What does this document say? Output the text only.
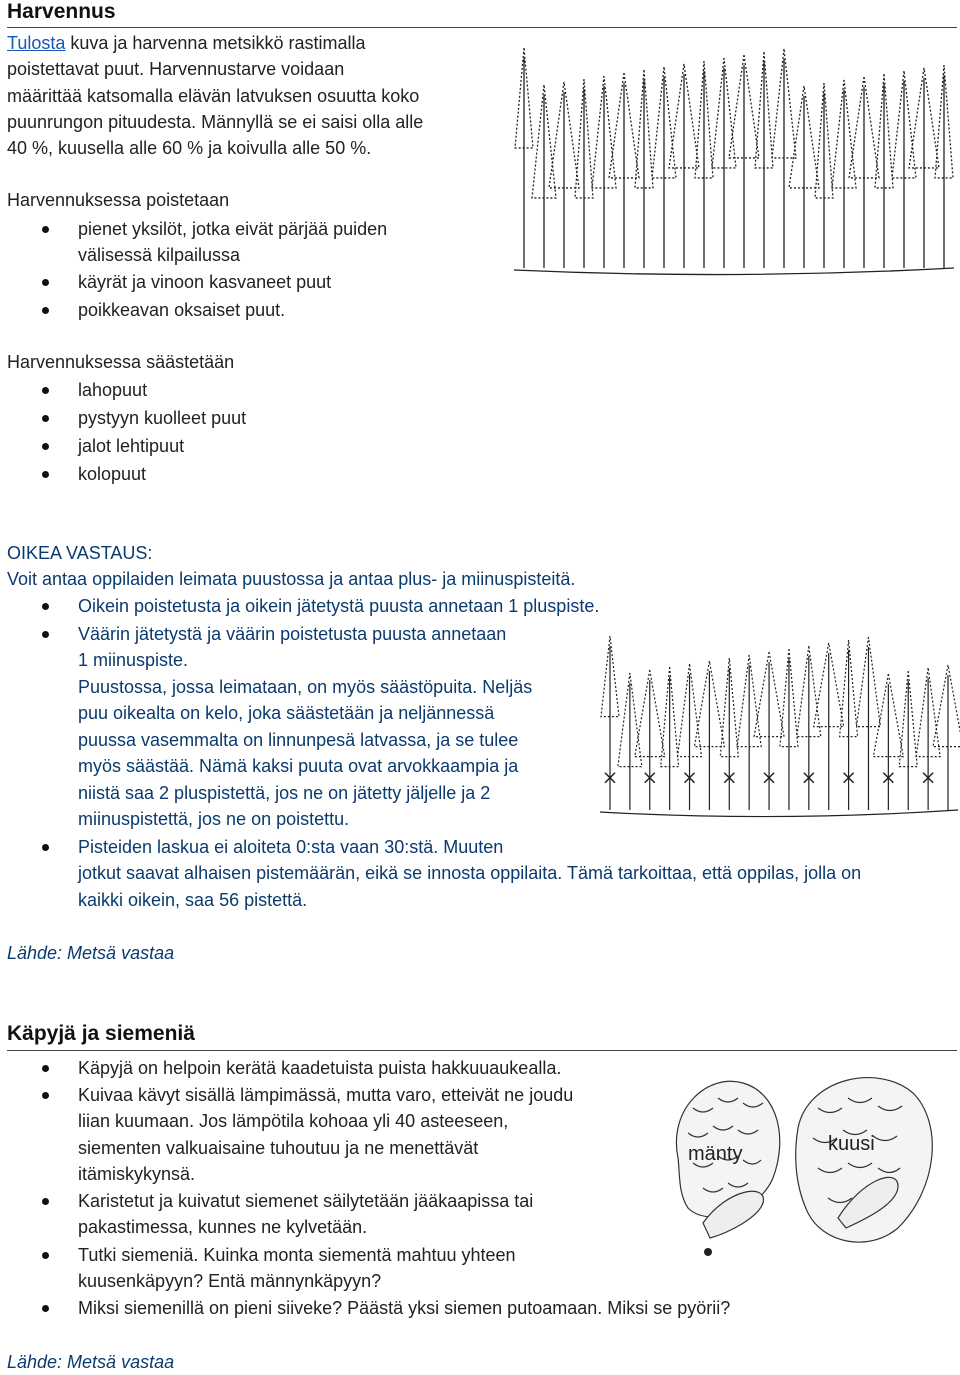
Harvennus
Tulosta kuva ja harvenna metsikkö rastimalla
poistettavat puut. Harvennustarve voidaan
määrittää katsomalla elävän latvuksen osuutta koko
puunrungon pituudesta. Männyllä se ei saisi olla alle
40 %, kuusella alle 60 % ja koivulla alle 50 %.
Harvennuksessa poistetaan
pienet yksilöt, jotka eivät pärjää puiden
välisessä kilpailussa
käyrät ja vinoon kasvaneet puut
poikkeavan oksaiset puut.
Harvennuksessa säästetään
lahopuut
pystyyn kuolleet puut
jalot lehtipuut
kolopuut
OIKEA VASTAUS:
Voit antaa oppilaiden leimata puustossa ja antaa plus- ja miinuspisteitä.
Oikein poistetusta ja oikein jätetystä puusta annetaan 1 pluspiste.
Väärin jätetystä ja väärin poistetusta puusta annetaan
1 miinuspiste.
Puustossa, jossa leimataan, on myös säästöpuita. Neljäs
puu oikealta on kelo, joka säästetään ja neljännessä
puussa vasemmalta on linnunpesä latvassa, ja se tulee
myös säästää. Nämä kaksi puuta ovat arvokkaampia ja
niistä saa 2 pluspistettä, jos ne on jätetty jäljelle ja 2
miinuspistettä, jos ne on poistettu.
Pisteiden laskua ei aloiteta 0:sta vaan 30:stä. Muuten
jotkut saavat alhaisen pistemäärän, eikä se innosta oppilaita. Tämä tarkoittaa, että oppilas, jolla on
kaikki oikein, saa 56 pistettä.
Lähde: Metsä vastaa
Käpyjä ja siemeniä
Käpyjä on helpoin kerätä kaadetuista puista hakkuuaukealla.
Kuivaa kävyt sisällä lämpimässä, mutta varo, etteivät ne joudu
liian kuumaan. Jos lämpötila kohoaa yli 40 asteeseen,
siementen valkuaisaine tuhoutuu ja ne menettävät
itämiskykynsä.
Karistetut ja kuivatut siemenet säilytetään jääkaapissa tai
pakastimessa, kunnes ne kylvetään.
Tutki siemeniä. Kuinka monta siementä mahtuu yhteen
kuusenkäpyyn? Entä männynkäpyyn?
Miksi siemenillä on pieni siiveke? Päästä yksi siemen putoamaan. Miksi se pyörii?
Lähde: Metsä vastaa
mänty	kuusi
